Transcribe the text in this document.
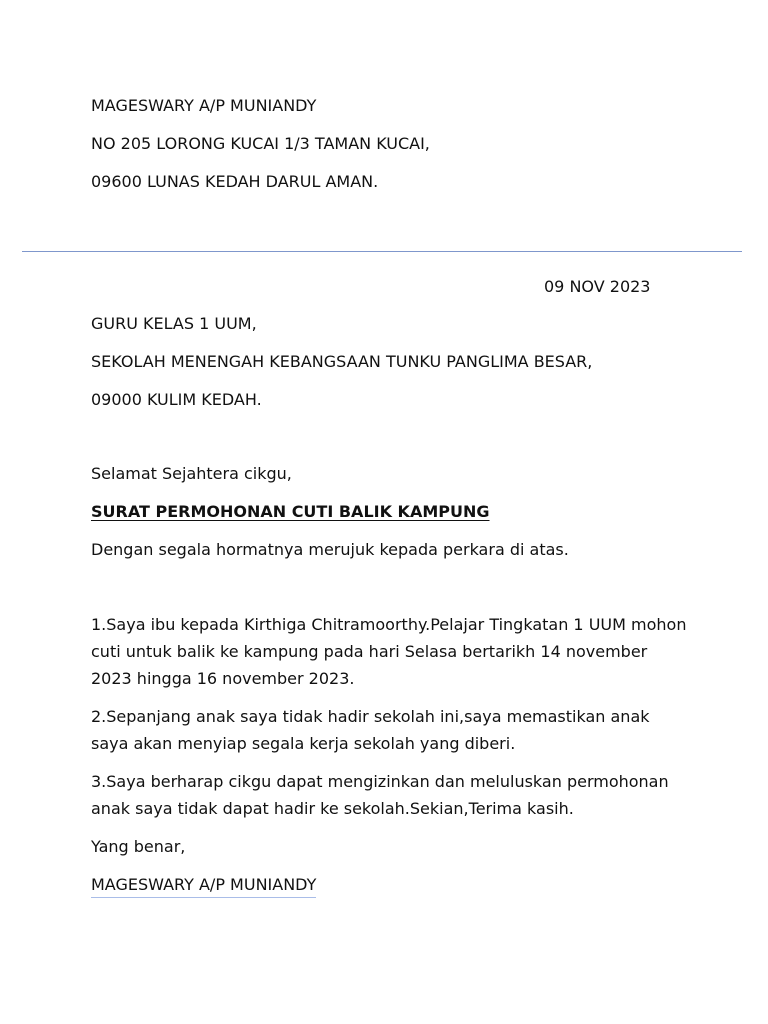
MAGESWARY A/P MUNIANDY
NO 205 LORONG KUCAI 1/3 TAMAN KUCAI,
09600 LUNAS KEDAH DARUL AMAN.
09 NOV 2023
GURU KELAS 1 UUM,
SEKOLAH MENENGAH KEBANGSAAN TUNKU PANGLIMA BESAR,
09000 KULIM KEDAH.
Selamat Sejahtera cikgu,
SURAT PERMOHONAN CUTI BALIK KAMPUNG
Dengan segala hormatnya merujuk kepada perkara di atas.
1.Saya ibu kepada Kirthiga Chitramoorthy.Pelajar Tingkatan 1 UUM mohon cuti untuk balik ke kampung pada hari Selasa bertarikh 14 november 2023 hingga 16 november 2023.
2.Sepanjang anak saya tidak hadir sekolah ini,saya memastikan anak saya akan menyiap segala kerja sekolah yang diberi.
3.Saya berharap cikgu dapat mengizinkan dan meluluskan permohonan anak saya tidak dapat hadir ke sekolah.Sekian,Terima kasih.
Yang benar,
MAGESWARY A/P MUNIANDY
